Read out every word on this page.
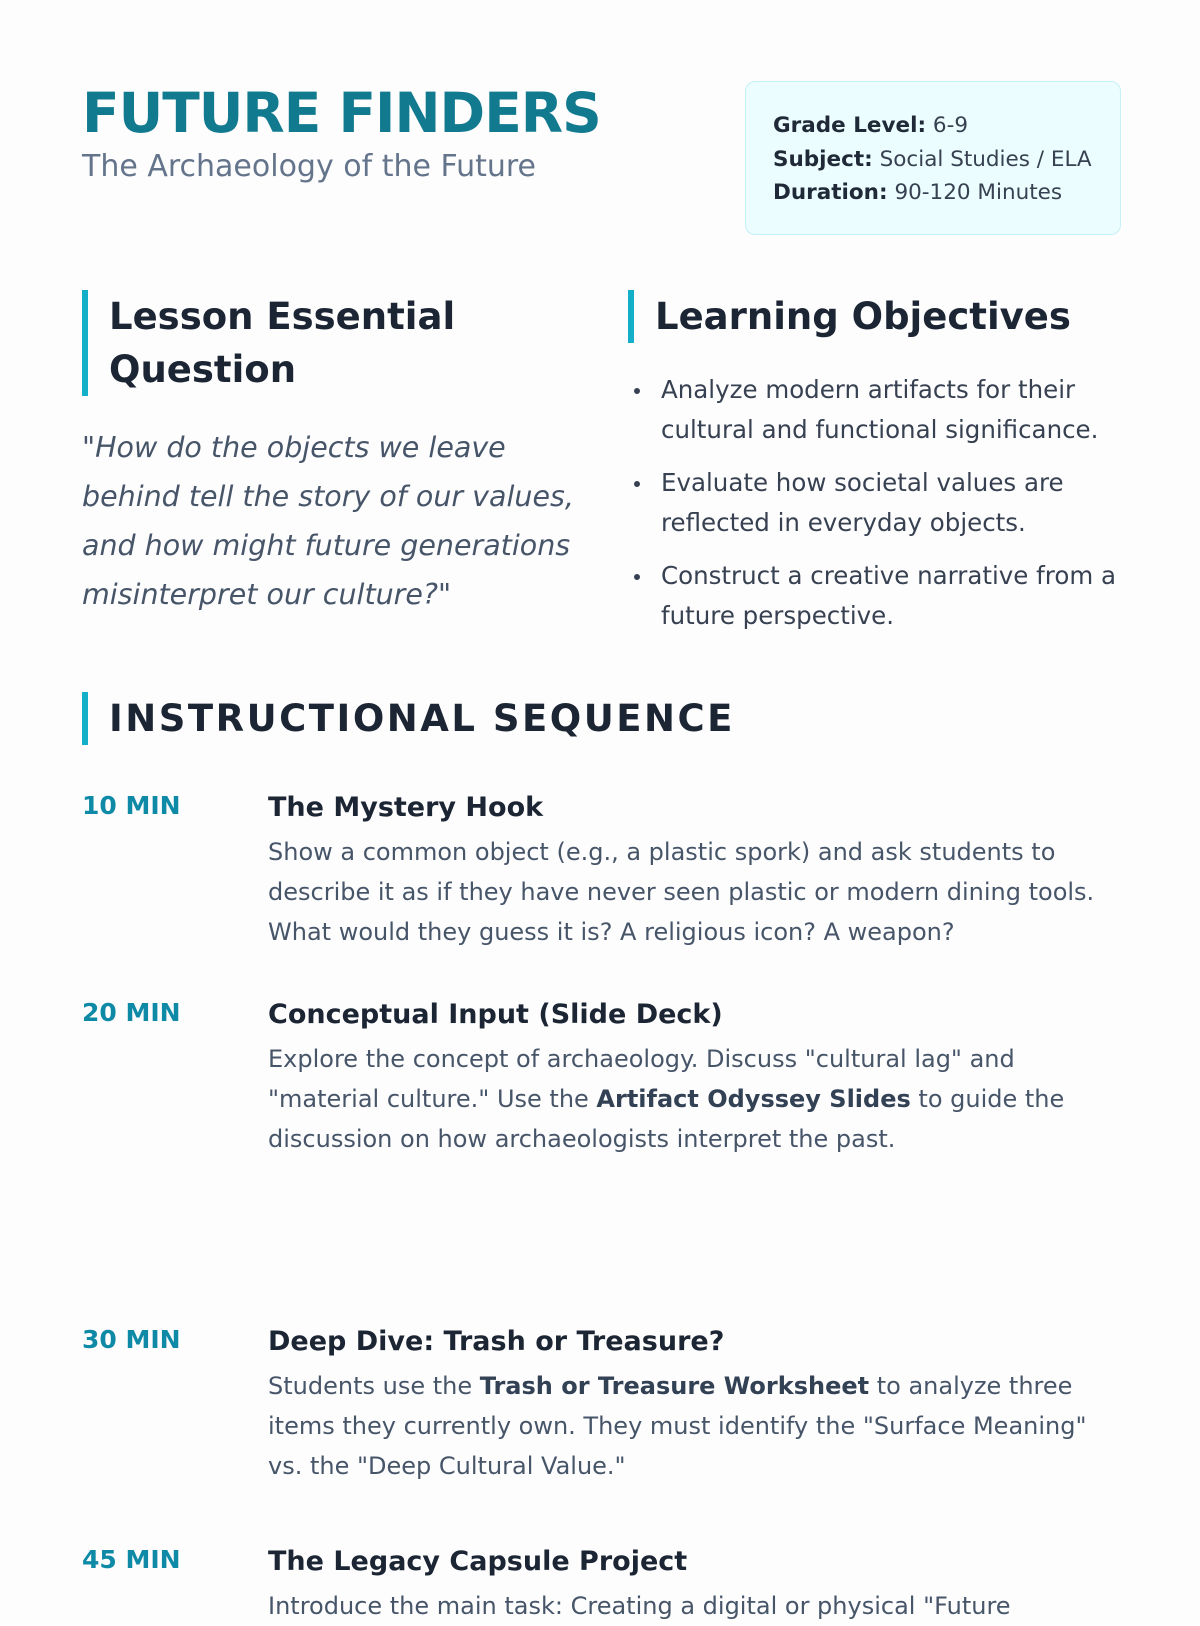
FUTURE FINDERS
The Archaeology of the Future
Grade Level: 6-9
Subject: Social Studies / ELA
Duration: 90-120 Minutes
Lesson Essential Question

"How do the objects we leave behind tell the story of our values, and how might future generations misinterpret our culture?"

Learning Objectives
Analyze modern artifacts for their cultural and functional significance.
Evaluate how societal values are reflected in everyday objects.
Construct a creative narrative from a future perspective.
INSTRUCTIONAL SEQUENCE
10 MIN	The Mystery Hook

Show a common object (e.g., a plastic spork) and ask students to describe it as if they have never seen plastic or modern dining tools. What would they guess it is? A religious icon? A weapon?

20 MIN	Conceptual Input (Slide Deck)

Explore the concept of archaeology. Discuss "cultural lag" and "material culture." Use the Artifact Odyssey Slides to guide the discussion on how archaeologists interpret the past.

30 MIN	Deep Dive: Trash or Treasure?

Students use the Trash or Treasure Worksheet to analyze three items they currently own. They must identify the "Surface Meaning" vs. the "Deep Cultural Value."

45 MIN	The Legacy Capsule Project

Introduce the main task: Creating a digital or physical "Future
